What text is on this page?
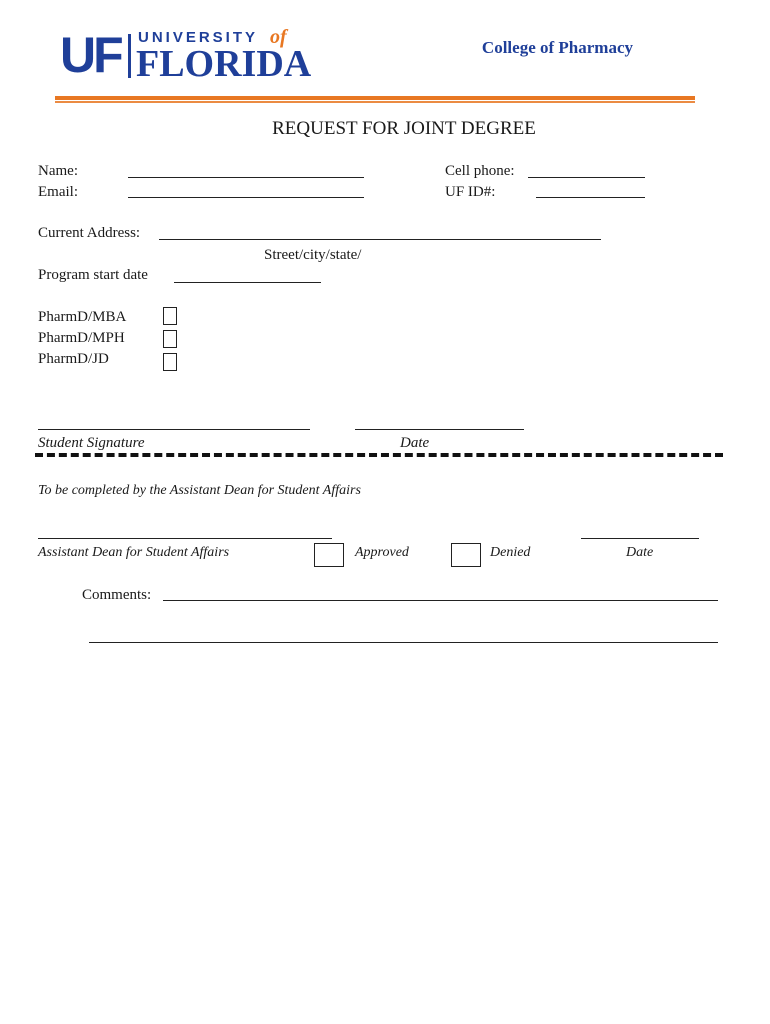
UF UNIVERSITY of
FLORIDA	College of Pharmacy
REQUEST FOR JOINT DEGREE
Name:
Email:
Cell phone:
UF ID#:
Current Address:
Street/city/state/
Program start date
PharmD/MBA
PharmD/MPH
PharmD/JD
Student Signature	Date
To be completed by the Assistant Dean for Student Affairs
Assistant Dean for Student Affairs	Approved	Denied	Date
Comments:
